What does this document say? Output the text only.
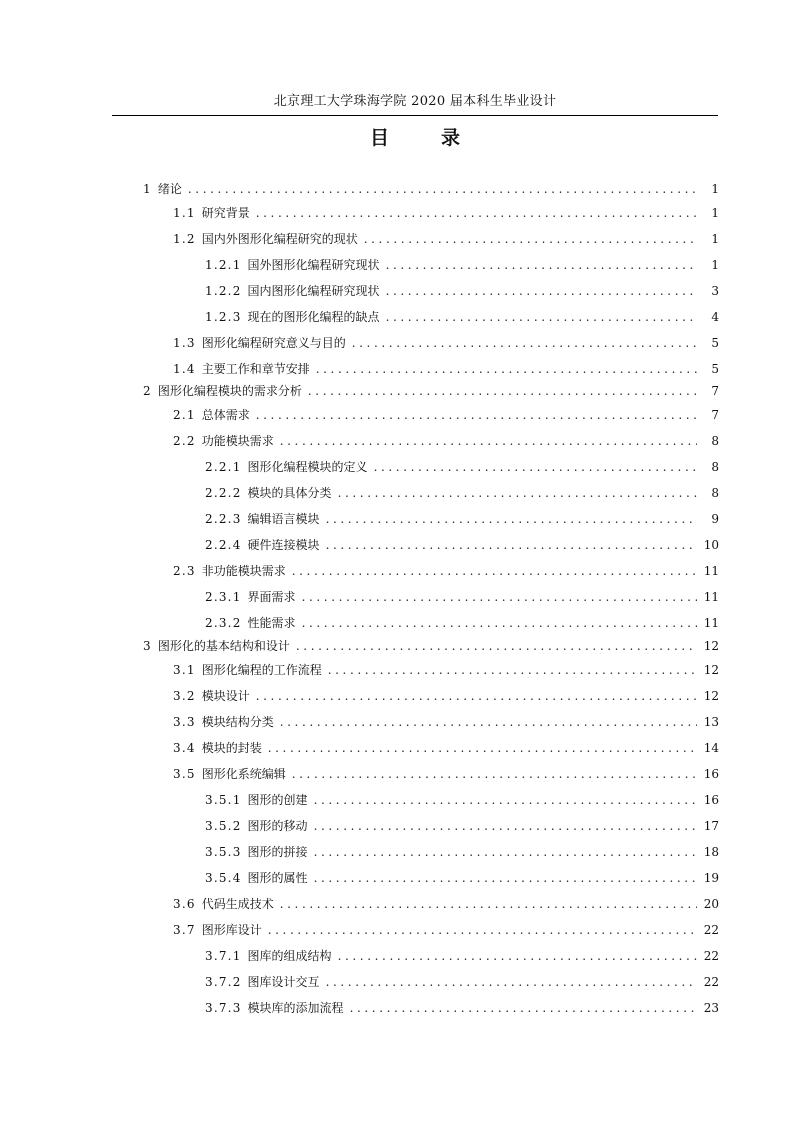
北京理工大学珠海学院 2020 届本科生毕业设计
目	录
1 绪论 .....	1
1.1 研究背景 .....	1
1.2 国内外图形化编程研究的现状 .....	1
1.2.1 国外图形化编程研究现状 .....	1
1.2.2 国内图形化编程研究现状 .....	3
1.2.3 现在的图形化编程的缺点 .....	4
1.3 图形化编程研究意义与目的 .....	5
1.4 主要工作和章节安排 .....	5
2 图形化编程模块的需求分析 .....	7
2.1 总体需求 .....	7
2.2 功能模块需求 .....	8
2.2.1 图形化编程模块的定义 .....	8
2.2.2 模块的具体分类 .....	8
2.2.3 编辑语言模块 .....	9
2.2.4 硬件连接模块 .....	10
2.3 非功能模块需求 .....	11
2.3.1 界面需求 .....	11
2.3.2 性能需求 .....	11
3 图形化的基本结构和设计 .....	12
3.1 图形化编程的工作流程 .....	12
3.2 模块设计 .....	12
3.3 模块结构分类 .....	13
3.4 模块的封装 .....	14
3.5 图形化系统编辑 .....	16
3.5.1 图形的创建 .....	16
3.5.2 图形的移动 .....	17
3.5.3 图形的拼接 .....	18
3.5.4 图形的属性 .....	19
3.6 代码生成技术 .....	20
3.7 图形库设计 .....	22
3.7.1 图库的组成结构 .....	22
3.7.2 图库设计交互 .....	22
3.7.3 模块库的添加流程 .....	23
